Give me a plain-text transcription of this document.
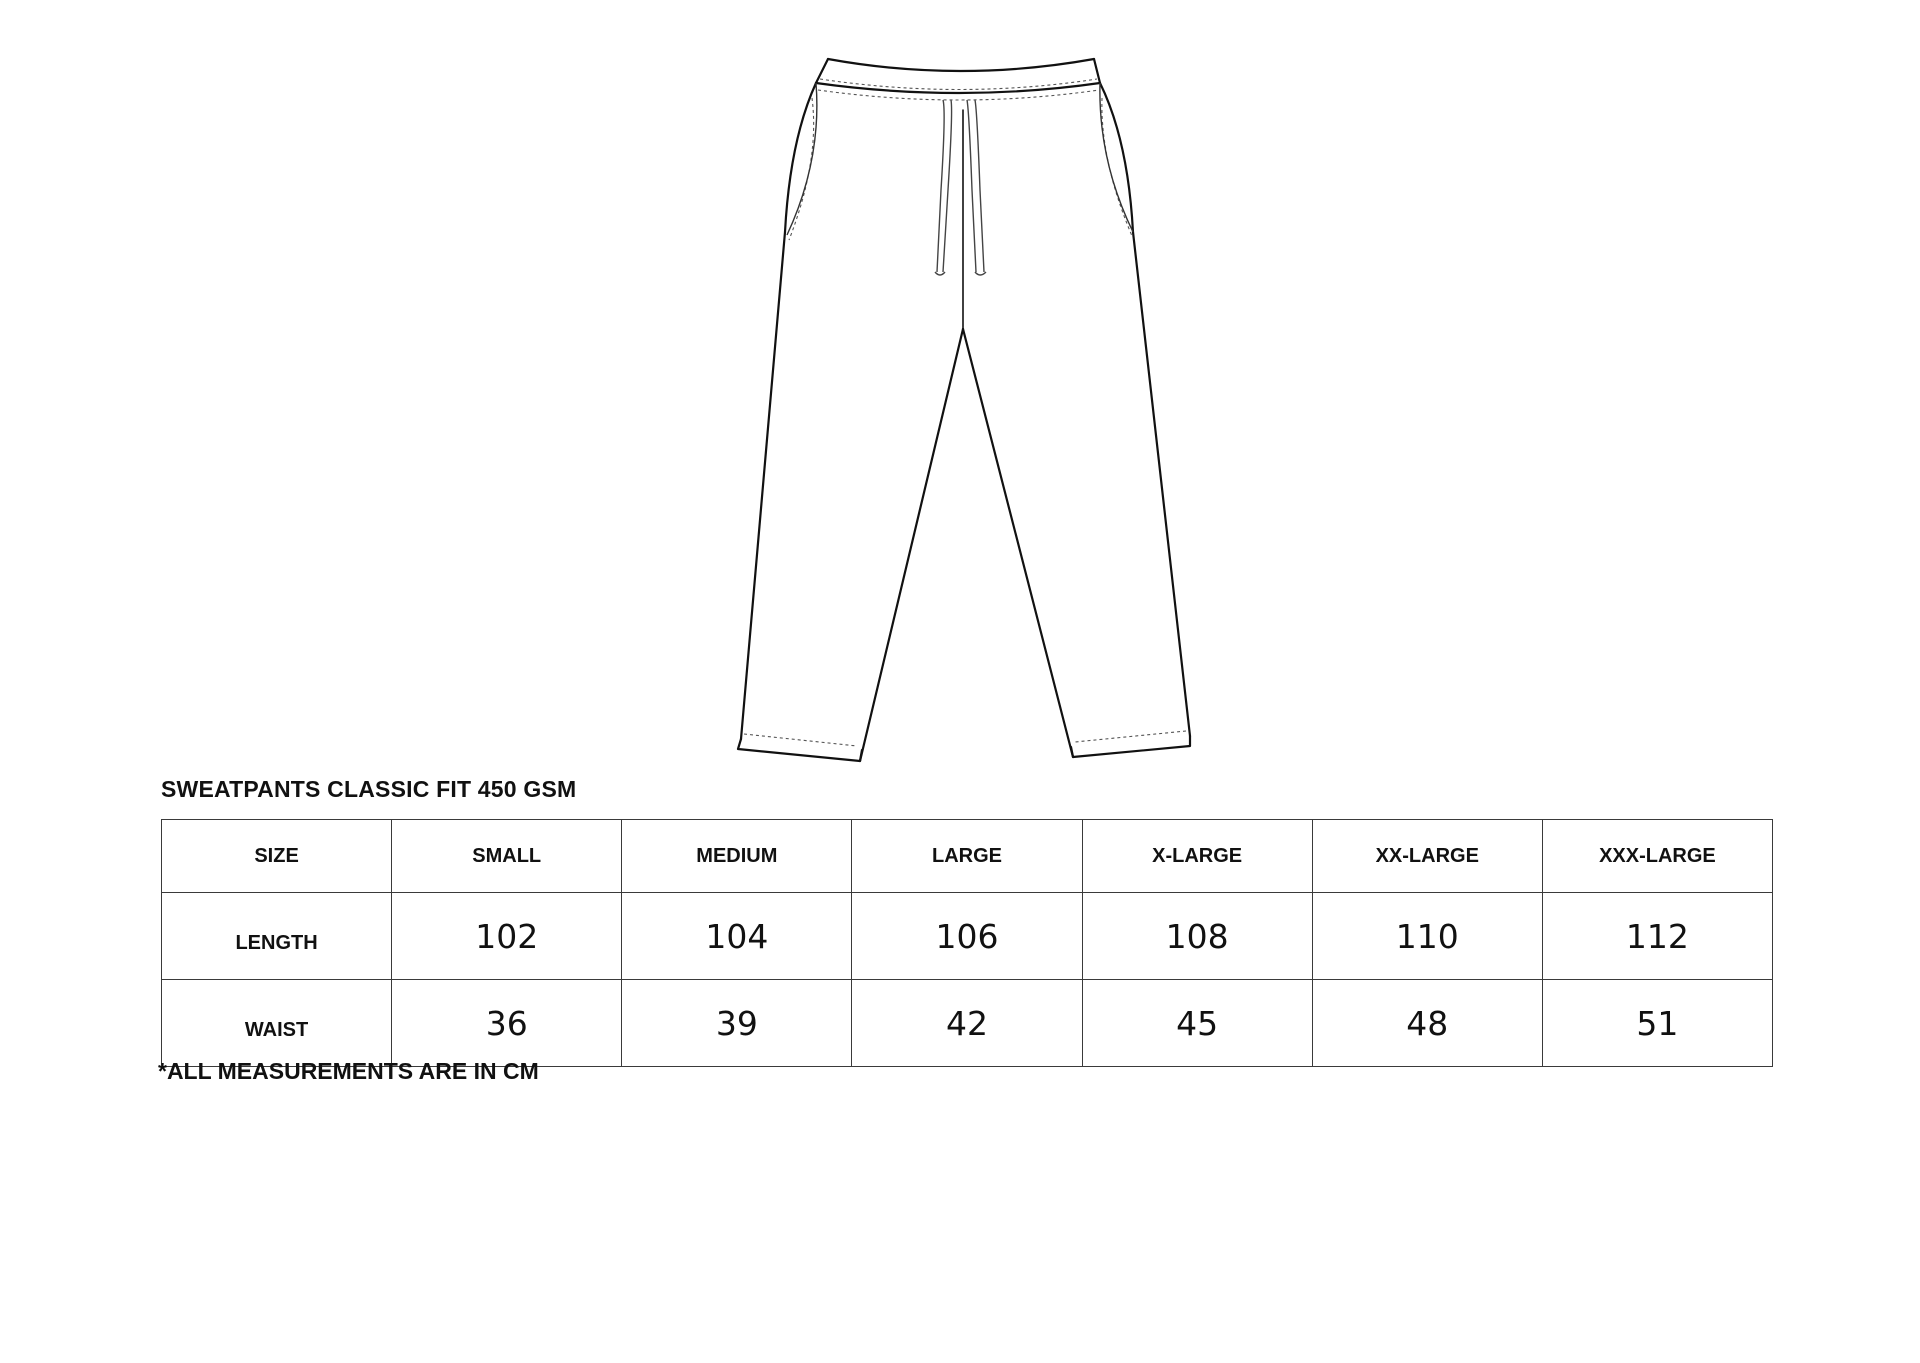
SWEATPANTS CLASSIC FIT 450 GSM
SIZE	SMALL	MEDIUM	LARGE	X-LARGE	XX-LARGE	XXX-LARGE
LENGTH	102	104	106	108	110	112
WAIST	36	39	42	45	48	51
*ALL MEASUREMENTS ARE IN CM
